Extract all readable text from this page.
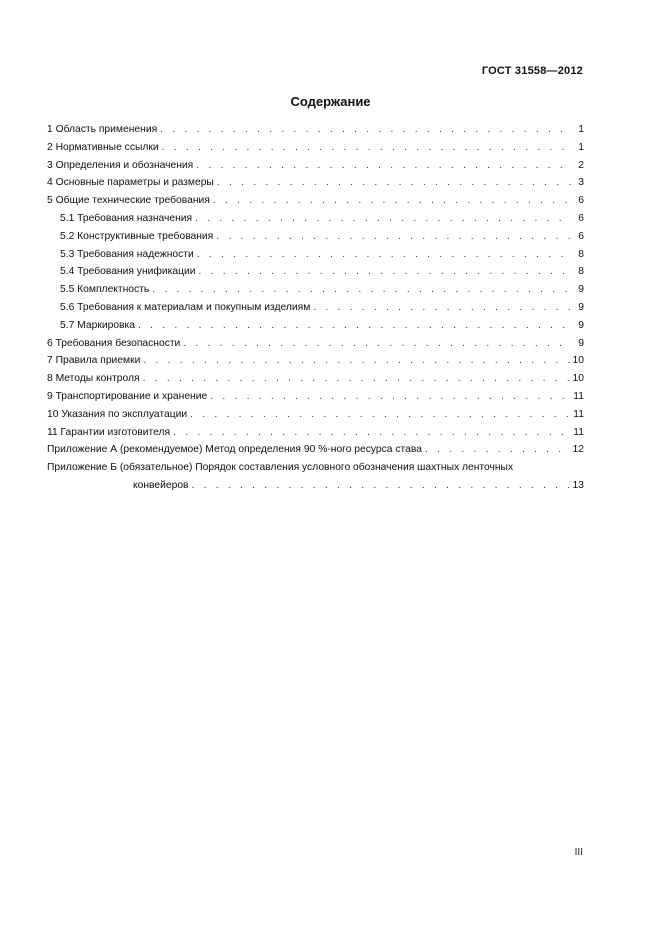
ГОСТ 31558—2012
Содержание
1 Область применения . . .	1
2 Нормативные ссылки . . .	1
3 Определения и обозначения . . .	2
4 Основные параметры и размеры . . .	3
5 Общие технические требования . . .	6
5.1 Требования назначения . . .	6
5.2 Конструктивные требования . . .	6
5.3 Требования надежности . . .	8
5.4 Требования унификации . . .	8
5.5 Комплектность . . .	9
5.6 Требования к материалам и покупным изделиям . . .	9
5.7 Маркировка . . .	9
6 Требования безопасности . . .	9
7 Правила приемки . . .	10
8 Методы контроля . . .	10
9 Транспортирование и хранение . . .	11
10 Указания по эксплуатации . . .	11
11 Гарантии изготовителя . . .	11
Приложение А (рекомендуемое) Метод определения 90 %-ного ресурса става . . .	12
Приложение Б (обязательное) Порядок составления условного обозначения шахтных ленточных
конвейеров . . .	13
III
